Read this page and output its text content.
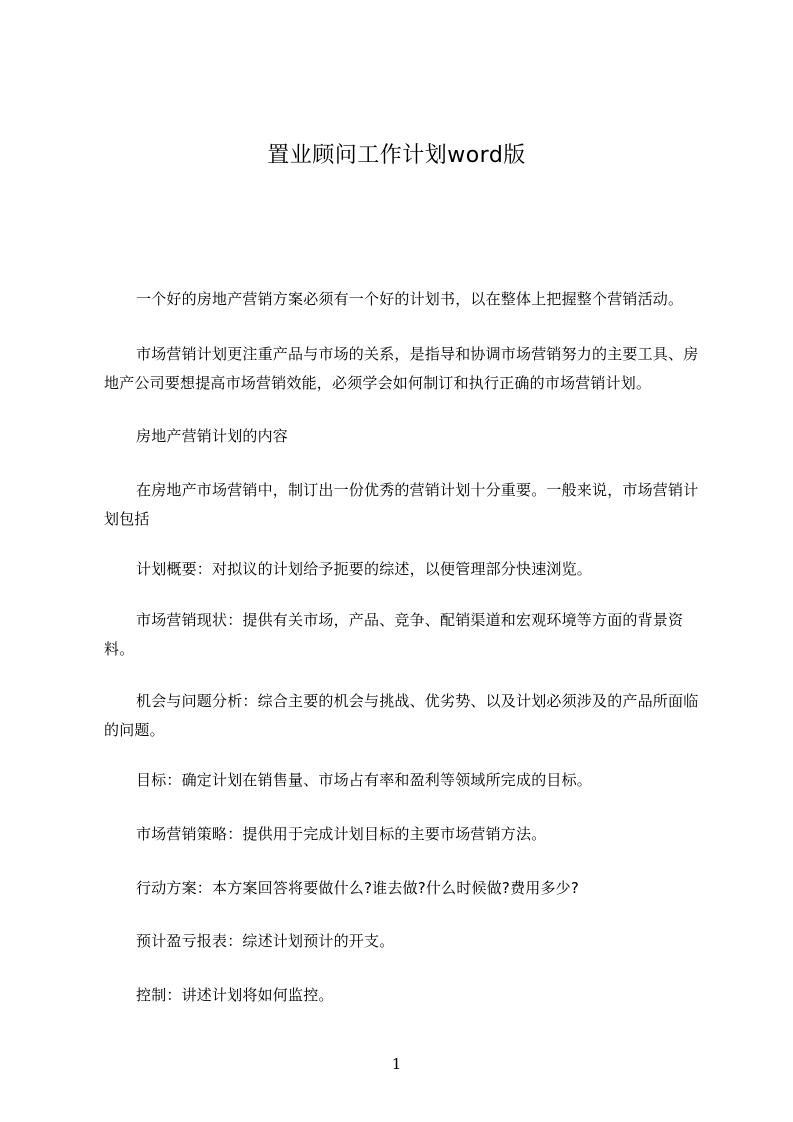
置业顾问工作计划word版
一个好的房地产营销方案必须有一个好的计划书，以在整体上把握整个营销活动。
市场营销计划更注重产品与市场的关系，是指导和协调市场营销努力的主要工具、房地产公司要想提高市场营销效能，必须学会如何制订和执行正确的市场营销计划。
房地产营销计划的内容
在房地产市场营销中，制订出一份优秀的营销计划十分重要。一般来说，市场营销计划包括
计划概要：对拟议的计划给予扼要的综述，以便管理部分快速浏览。
市场营销现状：提供有关市场，产品、竞争、配销渠道和宏观环境等方面的背景资料。
机会与问题分析：综合主要的机会与挑战、优劣势、以及计划必须涉及的产品所面临的问题。
目标：确定计划在销售量、市场占有率和盈利等领域所完成的目标。
市场营销策略：提供用于完成计划目标的主要市场营销方法。
行动方案：本方案回答将要做什么?谁去做?什么时候做?费用多少?
预计盈亏报表：综述计划预计的开支。
控制：讲述计划将如何监控。
1
